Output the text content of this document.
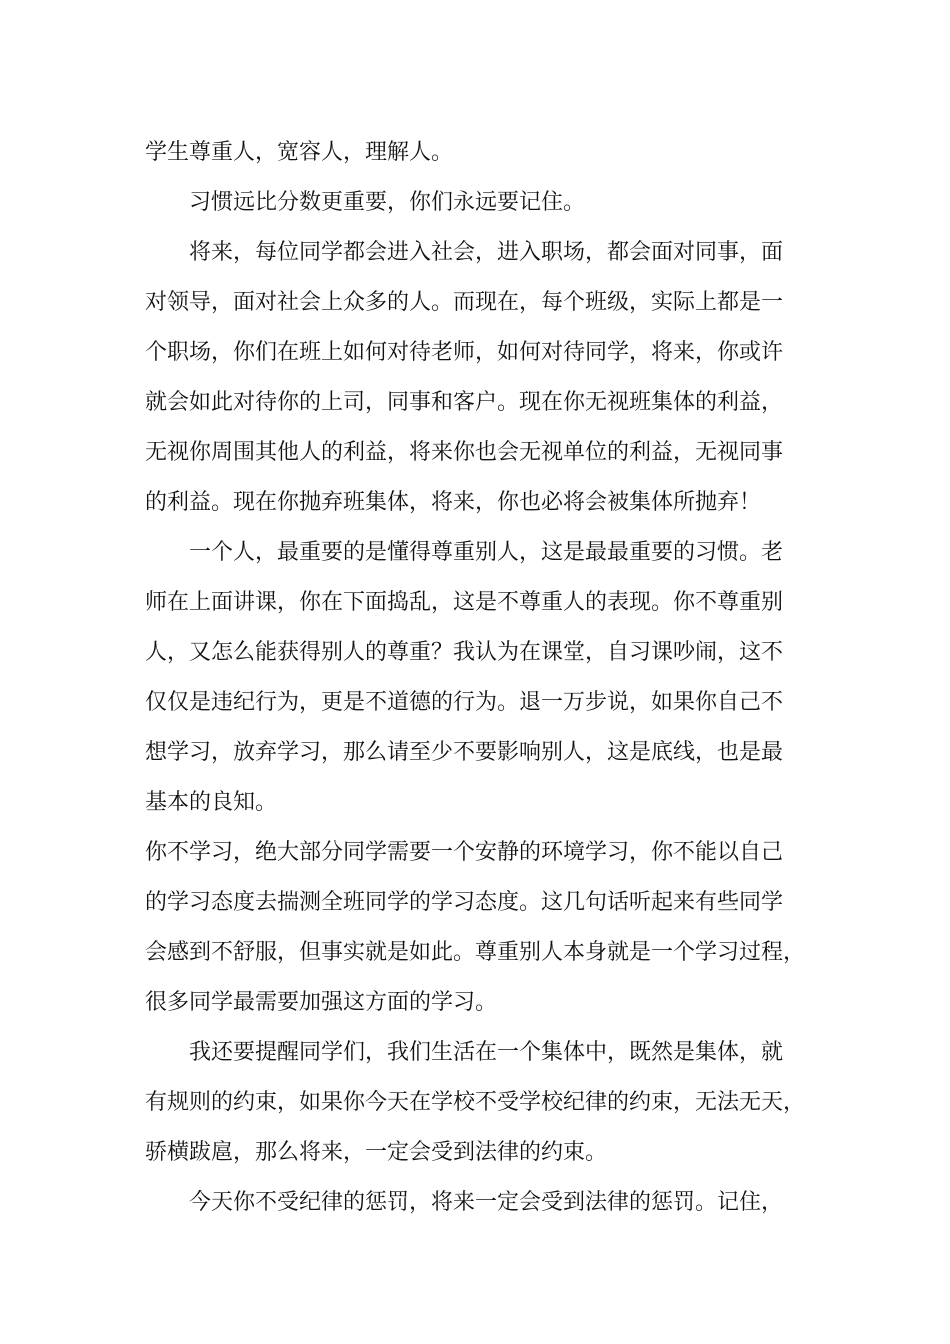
学生尊重人，宽容人，理解人。
习惯远比分数更重要，你们永远要记住。
将来，每位同学都会进入社会，进入职场，都会面对同事，面
对领导，面对社会上众多的人。而现在，每个班级，实际上都是一
个职场，你们在班上如何对待老师，如何对待同学，将来，你或许
就会如此对待你的上司，同事和客户。现在你无视班集体的利益，
无视你周围其他人的利益，将来你也会无视单位的利益，无视同事
的利益。现在你抛弃班集体，将来，你也必将会被集体所抛弃！
一个人，最重要的是懂得尊重别人，这是最最重要的习惯。老
师在上面讲课，你在下面捣乱，这是不尊重人的表现。你不尊重别
人，又怎么能获得别人的尊重？我认为在课堂，自习课吵闹，这不
仅仅是违纪行为，更是不道德的行为。退一万步说，如果你自己不
想学习，放弃学习，那么请至少不要影响别人，这是底线，也是最
基本的良知。
你不学习，绝大部分同学需要一个安静的环境学习，你不能以自己
的学习态度去揣测全班同学的学习态度。这几句话听起来有些同学
会感到不舒服，但事实就是如此。尊重别人本身就是一个学习过程，
很多同学最需要加强这方面的学习。
我还要提醒同学们，我们生活在一个集体中，既然是集体，就
有规则的约束，如果你今天在学校不受学校纪律的约束，无法无天，
骄横跋扈，那么将来，一定会受到法律的约束。
今天你不受纪律的惩罚，将来一定会受到法律的惩罚。记住，
